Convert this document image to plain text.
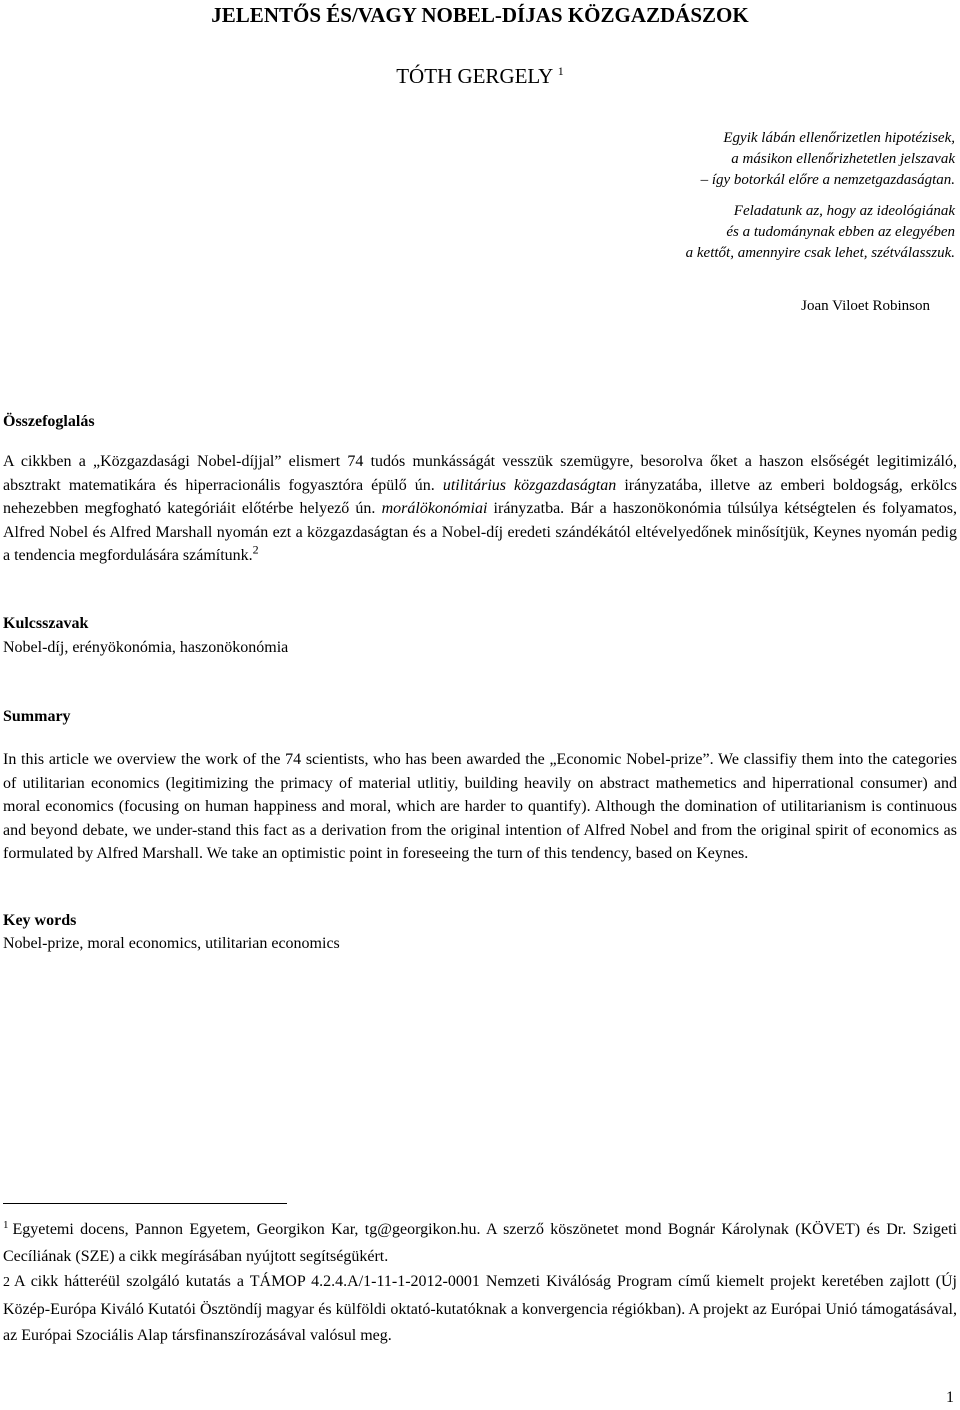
JELENTŐS ÉS/VAGY NOBEL-DÍJAS KÖZGAZDÁSZOK

TÓTH GERGELY $^1$

Egyik lábán ellenőrizetlen hipotézisek,
a másikon ellenőrizhetetlen jelszavak
– így botorkál előre a nemzetgazdaságtan.
Feladatunk az, hogy az ideológiának
és a tudománynak ebben az elegyében
a kettőt, amennyire csak lehet, szétválasszuk.
Joan Viloet Robinson
Összefoglalás

A cikkben a „Közgazdasági Nobel-díjjal” elismert 74 tudós munkásságát vesszük szemügyre, besorolva őket a haszon elsőségét legitimizáló, absztrakt matematikára és hiperracionális fogyasztóra épülő ún. utilitárius közgazdaságtan irányzatába, illetve az emberi boldogság, erkölcs nehezebben megfogható kategóriáit előtérbe helyező ún. morálökonómiai irányzatba. Bár a haszonökonómia túlsúlya kétségtelen és folyamatos, Alfred Nobel és Alfred Marshall nyomán ezt a közgazdaságtan és a Nobel-díj eredeti szándékától eltévelyedőnek minősítjük, Keynes nyomán pedig a tendencia megfordulására számítunk.$^2$

Kulcsszavak

Nobel-díj, erényökonómia, haszonökonómia

Summary

In this article we overview the work of the 74 scientists, who has been awarded the „Economic Nobel-prize”. We classifiy them into the categories of utilitarian economics (legitimizing the primacy of material utlitiy, building heavily on abstract mathemetics and hiperrational consumer) and moral economics (focusing on human happiness and moral, which are harder to quantify). Although the domination of utilitarianism is continuous and beyond debate, we under-stand this fact as a derivation from the original intention of Alfred Nobel and from the original spirit of economics as formulated by Alfred Marshall. We take an optimistic point in foreseeing the turn of this tendency, based on Keynes.

Key words

Nobel-prize, moral economics, utilitarian economics

$^1$ Egyetemi docens, Pannon Egyetem, Georgikon Kar, tg@georgikon.hu. A szerző köszönetet mond Bognár Károlynak (KÖVET) és Dr. Szigeti Cecíliának (SZE) a cikk megírásában nyújtott segítségükért.

2 A cikk hátteréül szolgáló kutatás a TÁMOP 4.2.4.A/1-11-1-2012-0001 Nemzeti Kiválóság Program című kiemelt projekt keretében zajlott (Új Közép-Európa Kiváló Kutatói Ösztöndíj magyar és külföldi oktató-kutatóknak a konvergencia régiókban). A projekt az Európai Unió támogatásával, az Európai Szociális Alap társfinanszírozásával valósul meg.

1
